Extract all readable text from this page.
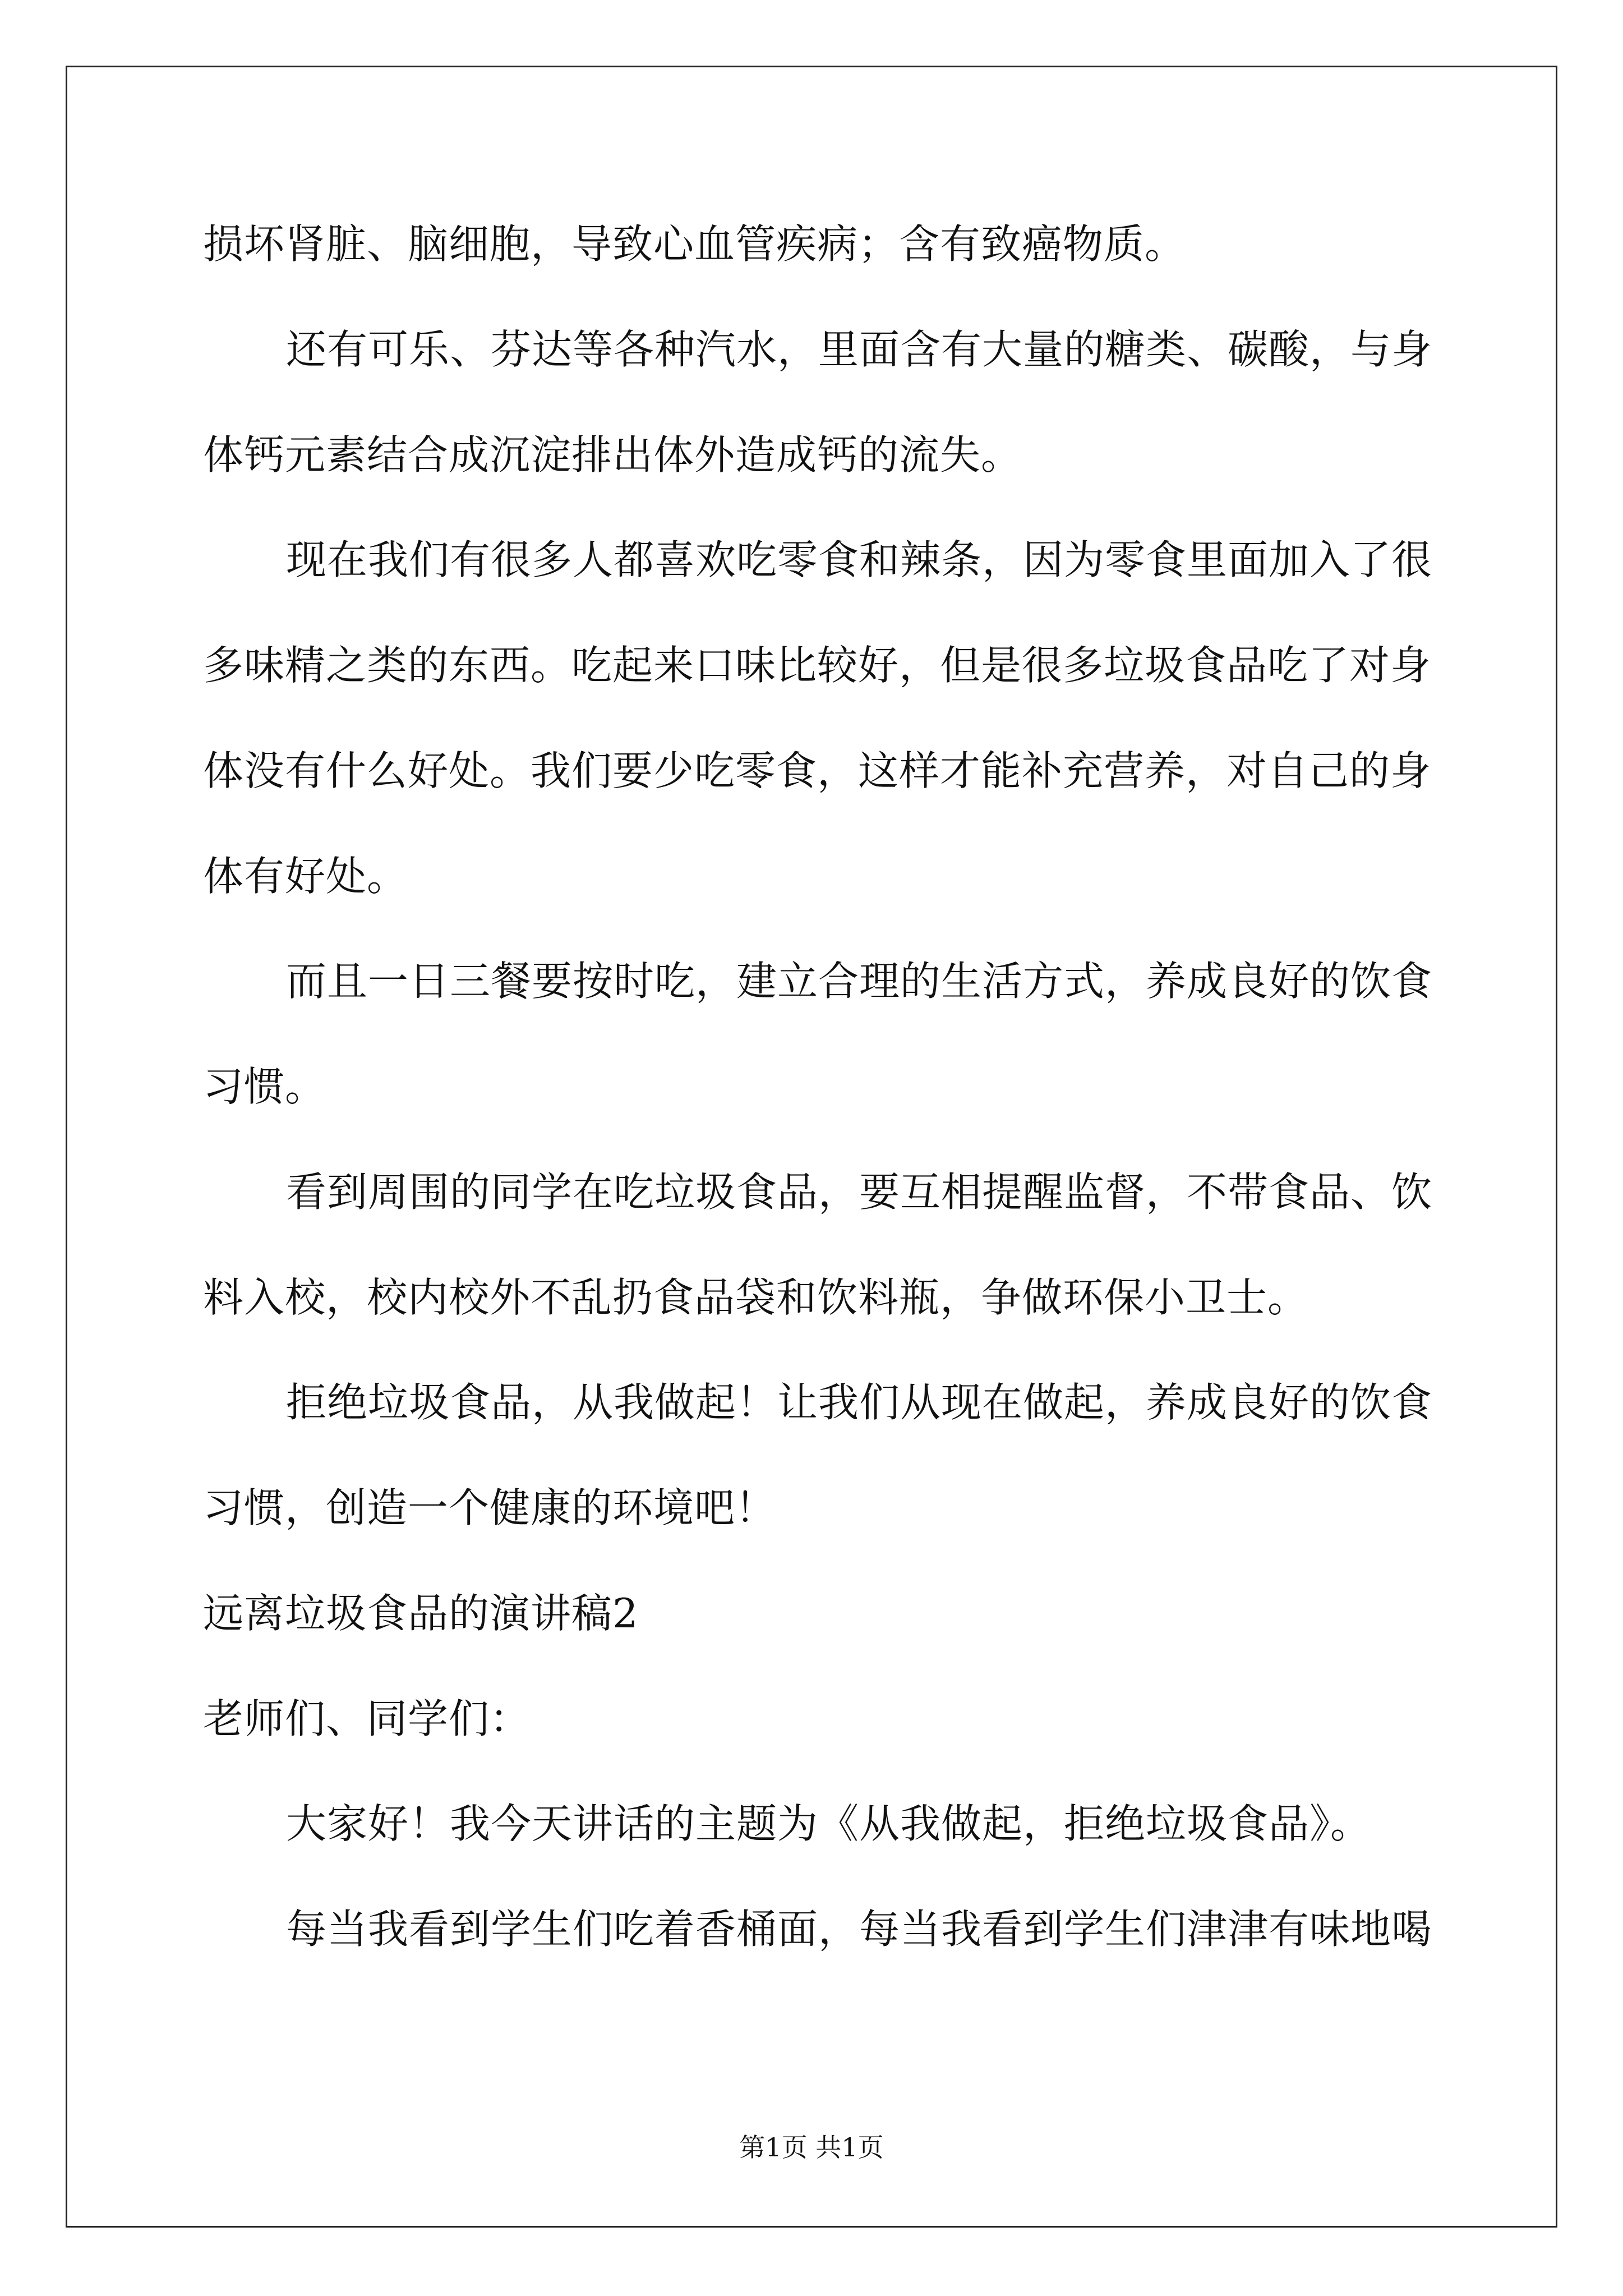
损坏肾脏、脑细胞，导致心血管疾病；含有致癌物质。
还有可乐、芬达等各种汽水，里面含有大量的糖类、碳酸，与身
体钙元素结合成沉淀排出体外造成钙的流失。
现在我们有很多人都喜欢吃零食和辣条，因为零食里面加入了很
多味精之类的东西。吃起来口味比较好，但是很多垃圾食品吃了对身
体没有什么好处。我们要少吃零食，这样才能补充营养，对自己的身
体有好处。
而且一日三餐要按时吃，建立合理的生活方式，养成良好的饮食
习惯。
看到周围的同学在吃垃圾食品，要互相提醒监督，不带食品、饮
料入校，校内校外不乱扔食品袋和饮料瓶，争做环保小卫士。
拒绝垃圾食品，从我做起！让我们从现在做起，养成良好的饮食
习惯，创造一个健康的环境吧！
远离垃圾食品的演讲稿2
老师们、同学们：
大家好！我今天讲话的主题为《从我做起，拒绝垃圾食品》。
每当我看到学生们吃着香桶面，每当我看到学生们津津有味地喝
第1页 共1页
